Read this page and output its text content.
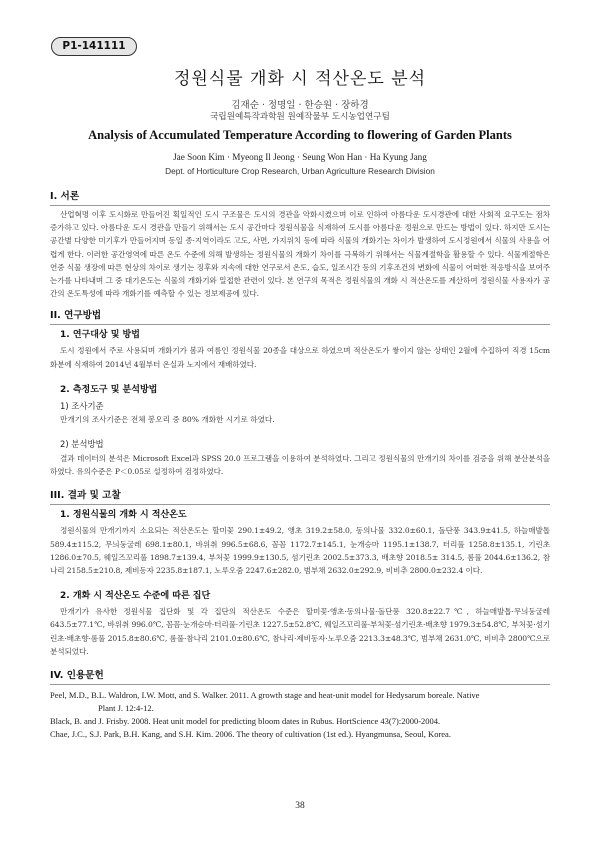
P1-141111
정원식물 개화 시 적산온도 분석
김재순 · 정명일 · 한승원 · 장하경
국립원예특작과학원 원예작물부 도시농업연구팀
Analysis of Accumulated Temperature According to flowering of Garden Plants
Jae Soon Kim · Myeong Il Jeong · Seung Won Han · Ha Kyung Jang
Dept. of Horticulture Crop Research, Urban Agriculture Research Division
I. 서론

산업혁명 이후 도시화로 만들어진 획일적인 도시 구조물은 도시의 경관을 악화시켰으며 이로 인하여 아름다운 도시경관에 대한 사회적 요구도는 점차 증가하고 있다. 아름다운 도시 경관을 만들기 위해서는 도시 공간마다 정원식물을 식재하여 도시를 아름다운 정원으로 만드는 방법이 있다. 하지만 도시는 공간별 다양한 미기후가 만들어지며 동일 종·지역이라도 고도, 사면, 가지위치 등에 따라 식물의 개화기는 차이가 발생하여 도시정원에서 식물의 사용을 어렵게 한다. 이러한 공간영역에 따른 온도 수준에 의해 발생하는 정원식물의 개화기 차이를 극복하기 위해서는 식물계절학을 활용할 수 있다. 식물계절학은 연중 식물 생장에 따른 현상의 차이로 생기는 징후와 지속에 대한 연구로서 온도, 습도, 일조시간 등의 기후조건의 변화에 식물이 어떠한 적응방식을 보여주는가를 나타내며 그 중 대기온도는 식물의 개화기와 밀접한 관련이 있다. 본 연구의 목적은 정원식물의 개화 시 적산온도를 계산하여 정원식물 사용자가 공간의 온도특성에 따라 개화기를 예측할 수 있는 정보제공에 있다.

II. 연구방법
1. 연구대상 및 방법

도시 정원에서 주로 사용되며 개화기가 봄과 여름인 정원식물 20종을 대상으로 하였으며 적산온도가 쌓이지 않는 상태인 2월에 수집하여 직경 15cm 화분에 식재하여 2014년 4월부터 온실과 노지에서 재배하였다.

2. 측정도구 및 분석방법
1) 조사기준

만개기의 조사기준은 전체 봉오리 중 80% 개화한 시기로 하였다.

2) 분석방법

결과 데이터의 분석은 Microsoft Excel과 SPSS 20.0 프로그램을 이용하여 분석하였다. 그리고 정원식물의 만개기의 차이를 검증을 위해 분산분석을 하였다. 유의수준은 P＜0.05로 설정하여 검정하였다.

III. 결과 및 고찰
1. 정원식물의 개화 시 적산온도

정원식물의 만개기까지 소요되는 적산온도는 할미꽃 290.1±49.2, 앵초 319.2±58.0, 동의나물 332.0±60.1, 돌단풍 343.9±41.5, 하늘매발톱 589.4±115.2, 무늬둥굴레 698.1±80.1, 바위취 996.5±68.6, 꼼꼼 1172.7±145.1, 눈개승마 1195.1±138.7, 터리풀 1258.8±135.1, 기린초 1286.0±70.5, 웨일즈꼬리풀 1898.7±139.4, 부처꽃 1999.9±130.5, 섬기린초 2002.5±373.3, 배초향 2018.5± 314.5, 롬풀 2044.6±136.2, 참나리 2158.5±210.8, 제비동자 2235.8±187.1, 노루오줌 2247.6±282.0, 범부채 2632.0±292.9, 비비추 2800.0±232.4 이다.

2. 개화 시 적산온도 수준에 따른 집단

만개기가 유사한 정원식물 집단화 및 각 집단의 적산온도 수준은 할미꽃·앵초·동의나물·돌단풍 320.8±22.7℃, 하늘매발톱·무늬둥굴레 643.5±77.1℃, 바위취 996.0℃, 꼼꼼·눈개승마·터리풀·기린초 1227.5±52.8℃, 웨일즈꼬리풀·부처꽃·섬기린초·배초향 1979.3±54.8℃, 부처꽃·섬기린초·배초향·롬풀 2015.8±80.6℃, 롬풀·참나리 2101.0±80.6℃, 참나리·제비동자·노루오줌 2213.3±48.3℃, 범부채 2631.0℃, 비비추 2800℃으로 분석되었다.

IV. 인용문헌

Peel, M.D., B.L. Waldron, I.W. Mott, and S. Walker. 2011. A growth stage and heat-unit model for Hedysarum boreale. Native

Plant J. 12:4-12.

Black, B. and J. Frisby. 2008. Heat unit model for predicting bloom dates in Rubus. HortScience 43(7):2000-2004.

Chae, J.C., S.J. Park, B.H. Kang, and S.H. Kim. 2006. The theory of cultivation (1st ed.). Hyangmunsa, Seoul, Korea.

38
